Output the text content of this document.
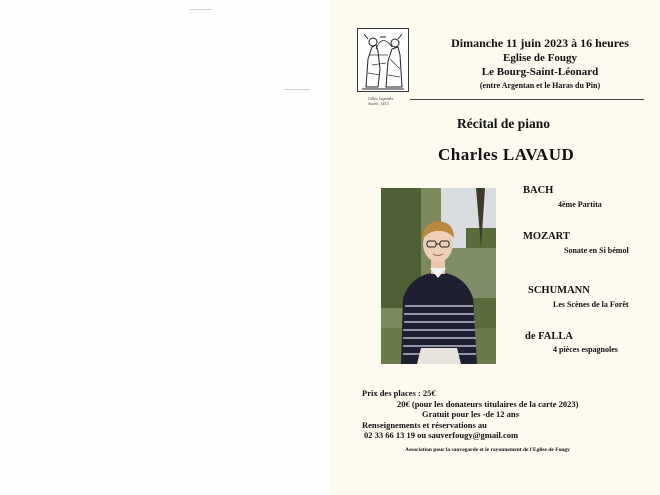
Gilles Legendre
Ascète, 1413.
Dimanche 11 juin 2023 à 16 heures
Eglise de Fougy
Le Bourg-Saint-Léonard
(entre Argentan et le Haras du Pin)
Récital de piano
Charles LAVAUD
BACH
4ème Partita
MOZART
Sonate en Si bémol
SCHUMANN
Les Scènes de la Forêt
de FALLA
4 pièces espagnoles
Prix des places : 25€
20€ (pour les donateurs titulaires de la carte 2023)
Gratuit pour les -de 12 ans
Renseignements et réservations au
02 33 66 13 19 ou sauverfougy@gmail.com
Association pour la sauvegarde et le rayonnement de l'Eglise de Fougy
